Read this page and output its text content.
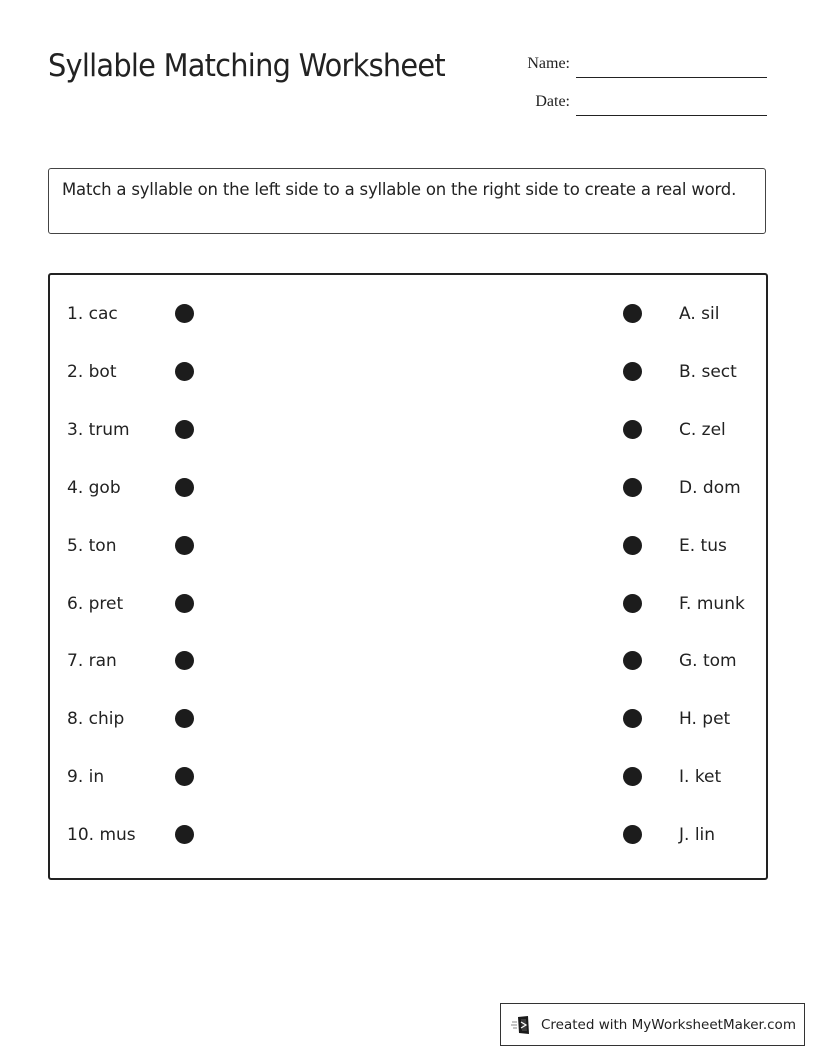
Syllable Matching Worksheet	Name:
Date:
Match a syllable on the left side to a syllable on the right side to create a real word.
1. cac	A. sil
2. bot	B. sect
3. trum	C. zel
4. gob	D. dom
5. ton	E. tus
6. pret	F. munk
7. ran	G. tom
8. chip	H. pet
9. in	I. ket
10. mus	J. lin
Created with MyWorksheetMaker.com
